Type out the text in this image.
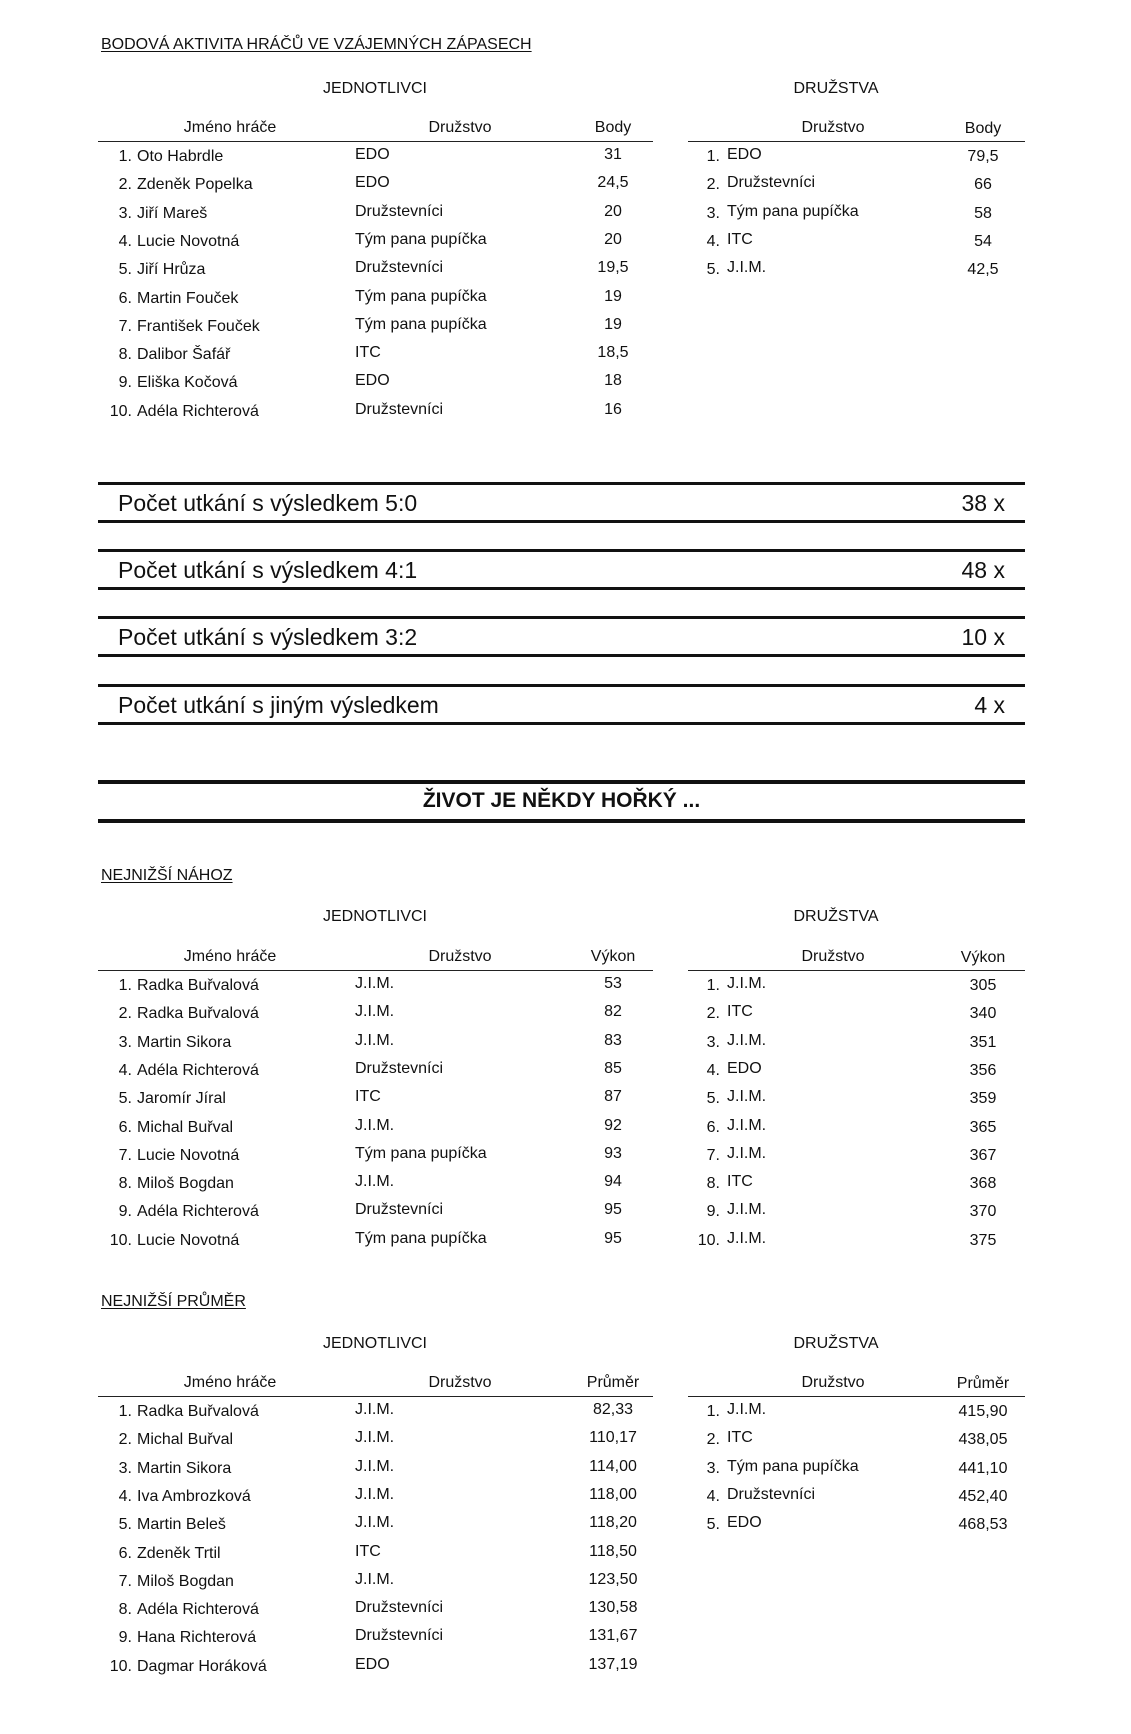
BODOVÁ AKTIVITA HRÁČŮ VE VZÁJEMNÝCH ZÁPASECH
JEDNOTLIVCI	DRUŽSTVA
Jméno hráče	Družstvo	Body
1. Oto Habrdle	EDO	31
2. Zdeněk Popelka	EDO	24,5
3. Jiří Mareš	Družstevníci	20
4. Lucie Novotná	Tým pana pupíčka	20
5. Jiří Hrůza	Družstevníci	19,5
6. Martin Fouček	Tým pana pupíčka	19
7. František Fouček	Tým pana pupíčka	19
8. Dalibor Šafář	ITC	18,5
9. Eliška Kočová	EDO	18
10. Adéla Richterová	Družstevníci	16
Družstvo	Body
1. EDO	79,5
2. Družstevníci	66
3. Tým pana pupíčka	58
4. ITC	54
5. J.I.M.	42,5
Počet utkání s výsledkem 5:0	38 x
Počet utkání s výsledkem 4:1	48 x
Počet utkání s výsledkem 3:2	10 x
Počet utkání s jiným výsledkem	4 x
ŽIVOT JE NĚKDY HOŘKÝ ...
NEJNIŽŠÍ NÁHOZ
JEDNOTLIVCI	DRUŽSTVA
Jméno hráče	Družstvo	Výkon
1. Radka Buřvalová	J.I.M.	53
2. Radka Buřvalová	J.I.M.	82
3. Martin Sikora	J.I.M.	83
4. Adéla Richterová	Družstevníci	85
5. Jaromír Jíral	ITC	87
6. Michal Buřval	J.I.M.	92
7. Lucie Novotná	Tým pana pupíčka	93
8. Miloš Bogdan	J.I.M.	94
9. Adéla Richterová	Družstevníci	95
10. Lucie Novotná	Tým pana pupíčka	95
Družstvo	Výkon
1. J.I.M.	305
2. ITC	340
3. J.I.M.	351
4. EDO	356
5. J.I.M.	359
6. J.I.M.	365
7. J.I.M.	367
8. ITC	368
9. J.I.M.	370
10. J.I.M.	375
NEJNIŽŠÍ PRŮMĚR
JEDNOTLIVCI	DRUŽSTVA
Jméno hráče	Družstvo	Průměr
1. Radka Buřvalová	J.I.M.	82,33
2. Michal Buřval	J.I.M.	110,17
3. Martin Sikora	J.I.M.	114,00
4. Iva Ambrozková	J.I.M.	118,00
5. Martin Beleš	J.I.M.	118,20
6. Zdeněk Trtil	ITC	118,50
7. Miloš Bogdan	J.I.M.	123,50
8. Adéla Richterová	Družstevníci	130,58
9. Hana Richterová	Družstevníci	131,67
10. Dagmar Horáková	EDO	137,19
Družstvo	Průměr
1. J.I.M.	415,90
2. ITC	438,05
3. Tým pana pupíčka	441,10
4. Družstevníci	452,40
5. EDO	468,53
